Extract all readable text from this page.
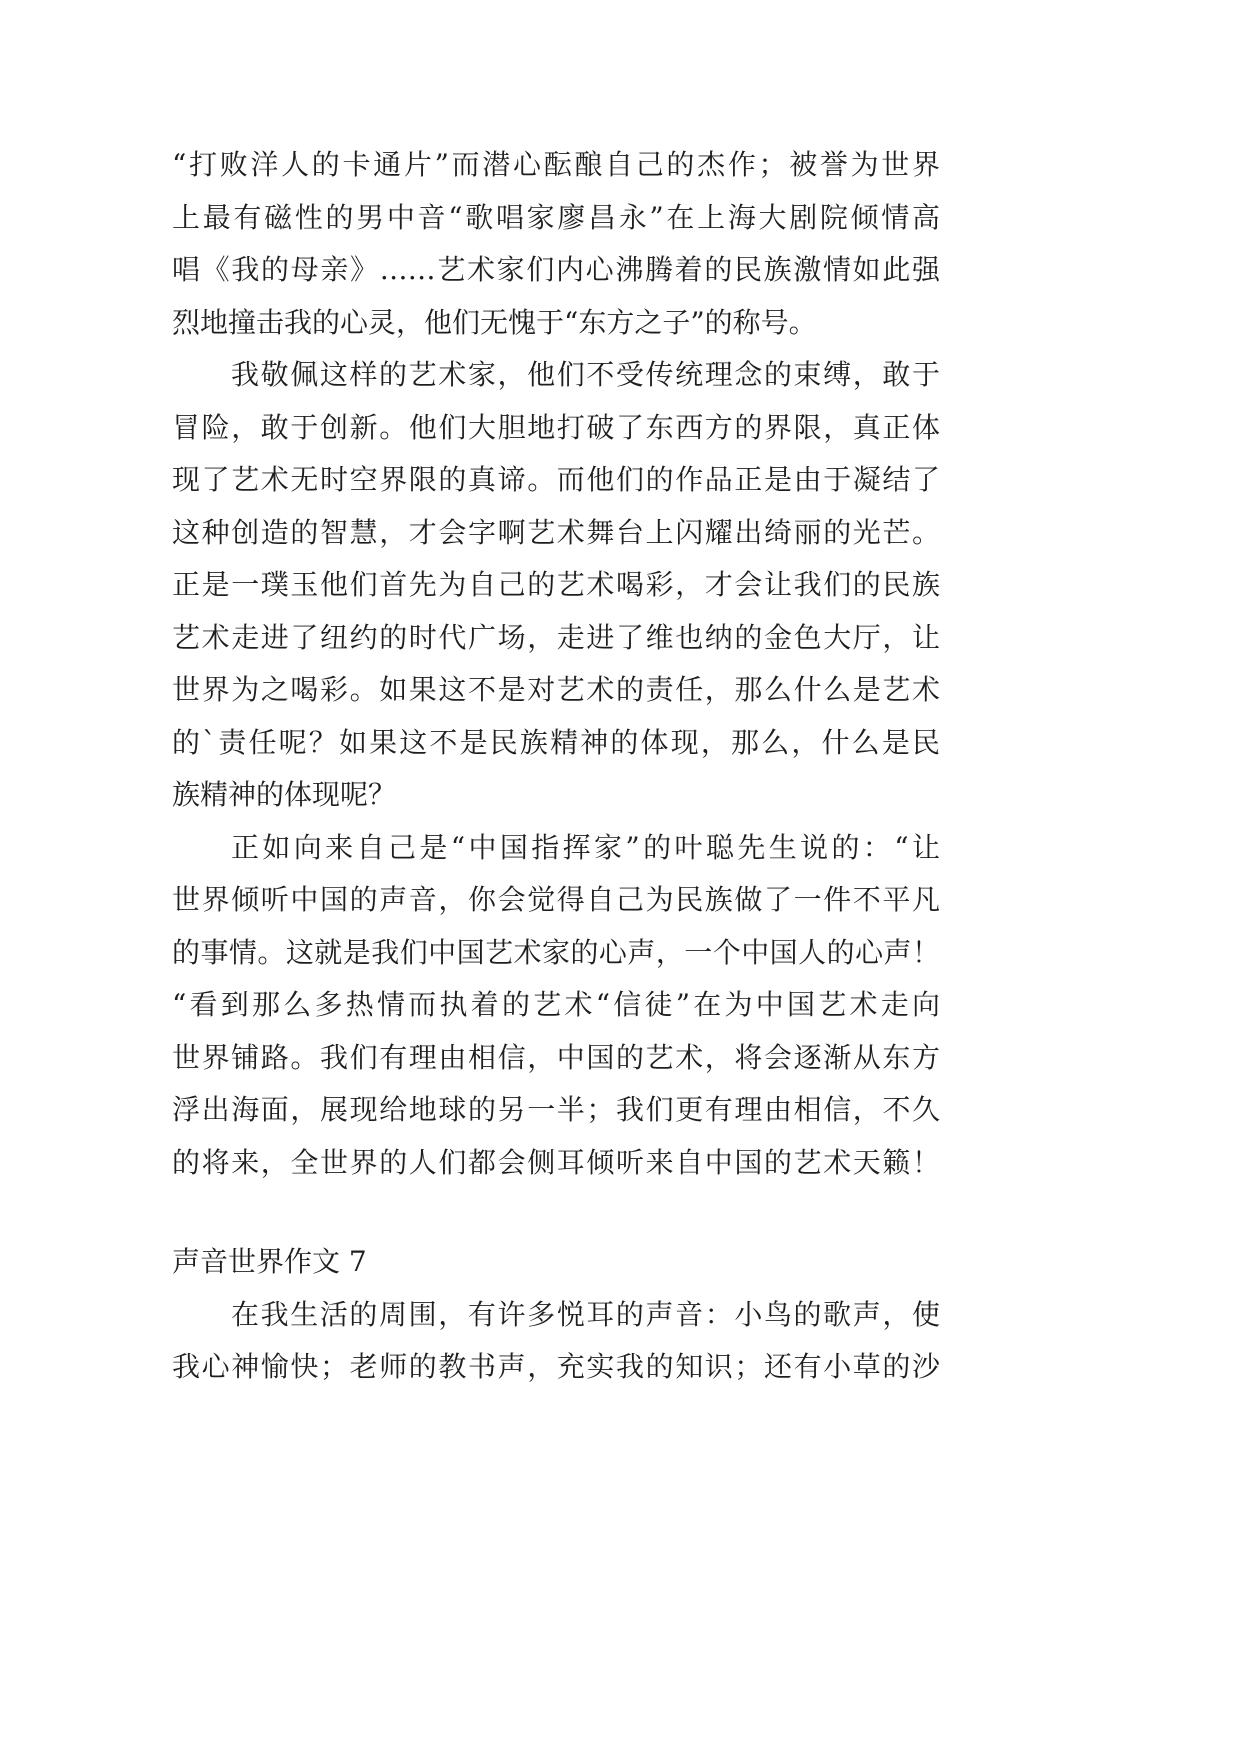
“打败洋人的卡通片”而潜心酝酿自己的杰作；被誉为世界
上最有磁性的男中音“歌唱家廖昌永”在上海大剧院倾情高
唱《我的母亲》……艺术家们内心沸腾着的民族激情如此强
烈地撞击我的心灵，他们无愧于“东方之子”的称号。
我敬佩这样的艺术家，他们不受传统理念的束缚，敢于
冒险，敢于创新。他们大胆地打破了东西方的界限，真正体
现了艺术无时空界限的真谛。而他们的作品正是由于凝结了
这种创造的智慧，才会字啊艺术舞台上闪耀出绮丽的光芒。
正是一璞玉他们首先为自己的艺术喝彩，才会让我们的民族
艺术走进了纽约的时代广场，走进了维也纳的金色大厅，让
世界为之喝彩。如果这不是对艺术的责任，那么什么是艺术
的`责任呢？如果这不是民族精神的体现，那么，什么是民
族精神的体现呢？
正如向来自己是“中国指挥家”的叶聪先生说的：“让
世界倾听中国的声音，你会觉得自己为民族做了一件不平凡
的事情。这就是我们中国艺术家的心声，一个中国人的心声！
“看到那么多热情而执着的艺术“信徒”在为中国艺术走向
世界铺路。我们有理由相信，中国的艺术，将会逐渐从东方
浮出海面，展现给地球的另一半；我们更有理由相信，不久
的将来，全世界的人们都会侧耳倾听来自中国的艺术天籁！
声音世界作文 7
在我生活的周围，有许多悦耳的声音：小鸟的歌声，使
我心神愉快；老师的教书声，充实我的知识；还有小草的沙
